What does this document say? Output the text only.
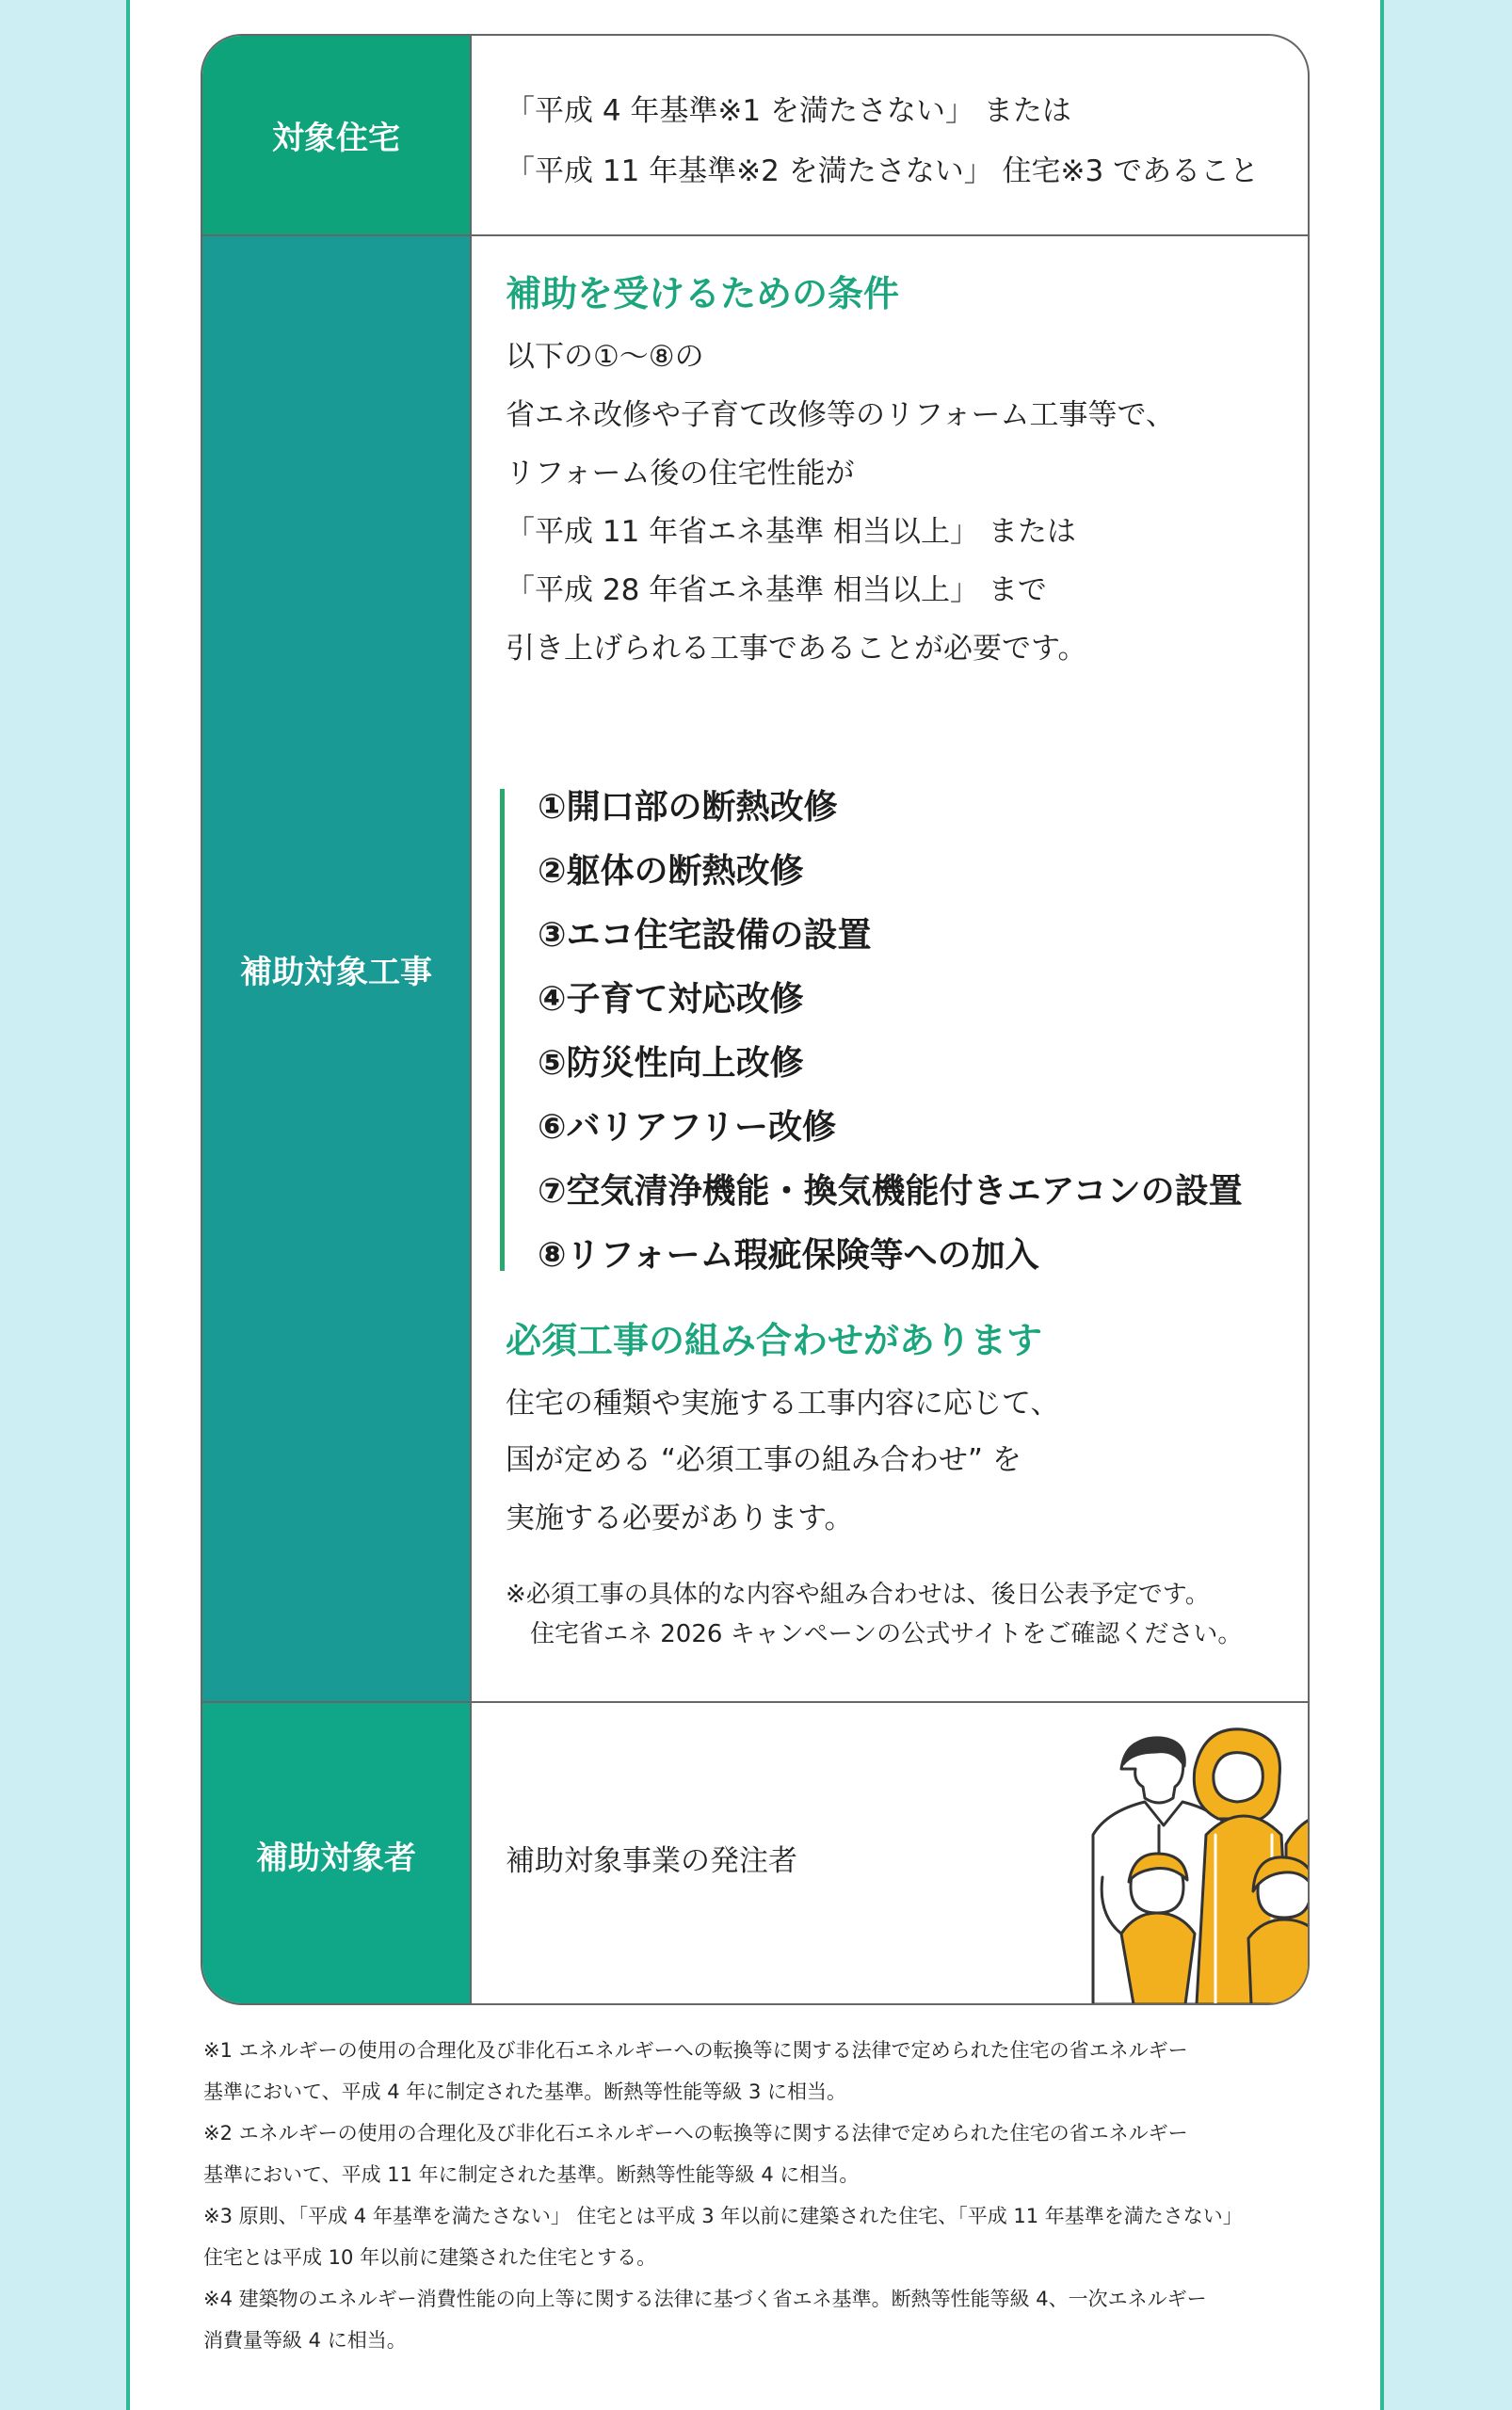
対象住宅
「平成 4 年基準※1 を満たさない」 または
「平成 11 年基準※2 を満たさない」 住宅※3 であること
補助対象工事
補助を受けるための条件
以下の①～⑧の
省エネ改修や子育て改修等のリフォーム工事等で、
リフォーム後の住宅性能が
「平成 11 年省エネ基準 相当以上」 または
「平成 28 年省エネ基準 相当以上」 まで
引き上げられる工事であることが必要です。
①開口部の断熱改修
②躯体の断熱改修
③エコ住宅設備の設置
④子育て対応改修
⑤防災性向上改修
⑥バリアフリー改修
⑦空気清浄機能・換気機能付きエアコンの設置
⑧リフォーム瑕疵保険等への加入
必須工事の組み合わせがあります
住宅の種類や実施する工事内容に応じて、
国が定める “必須工事の組み合わせ” を
実施する必要があります。
※必須工事の具体的な内容や組み合わせは、後日公表予定です。
住宅省エネ 2026 キャンペーンの公式サイトをご確認ください。
補助対象者	補助対象事業の発注者
※1 エネルギーの使用の合理化及び非化石エネルギーへの転換等に関する法律で定められた住宅の省エネルギー
基準において、平成 4 年に制定された基準。断熱等性能等級 3 に相当。
※2 エネルギーの使用の合理化及び非化石エネルギーへの転換等に関する法律で定められた住宅の省エネルギー
基準において、平成 11 年に制定された基準。断熱等性能等級 4 に相当。
※3 原則、「平成 4 年基準を満たさない」 住宅とは平成 3 年以前に建築された住宅、「平成 11 年基準を満たさない」
住宅とは平成 10 年以前に建築された住宅とする。
※4 建築物のエネルギー消費性能の向上等に関する法律に基づく省エネ基準。断熱等性能等級 4、一次エネルギー
消費量等級 4 に相当。
